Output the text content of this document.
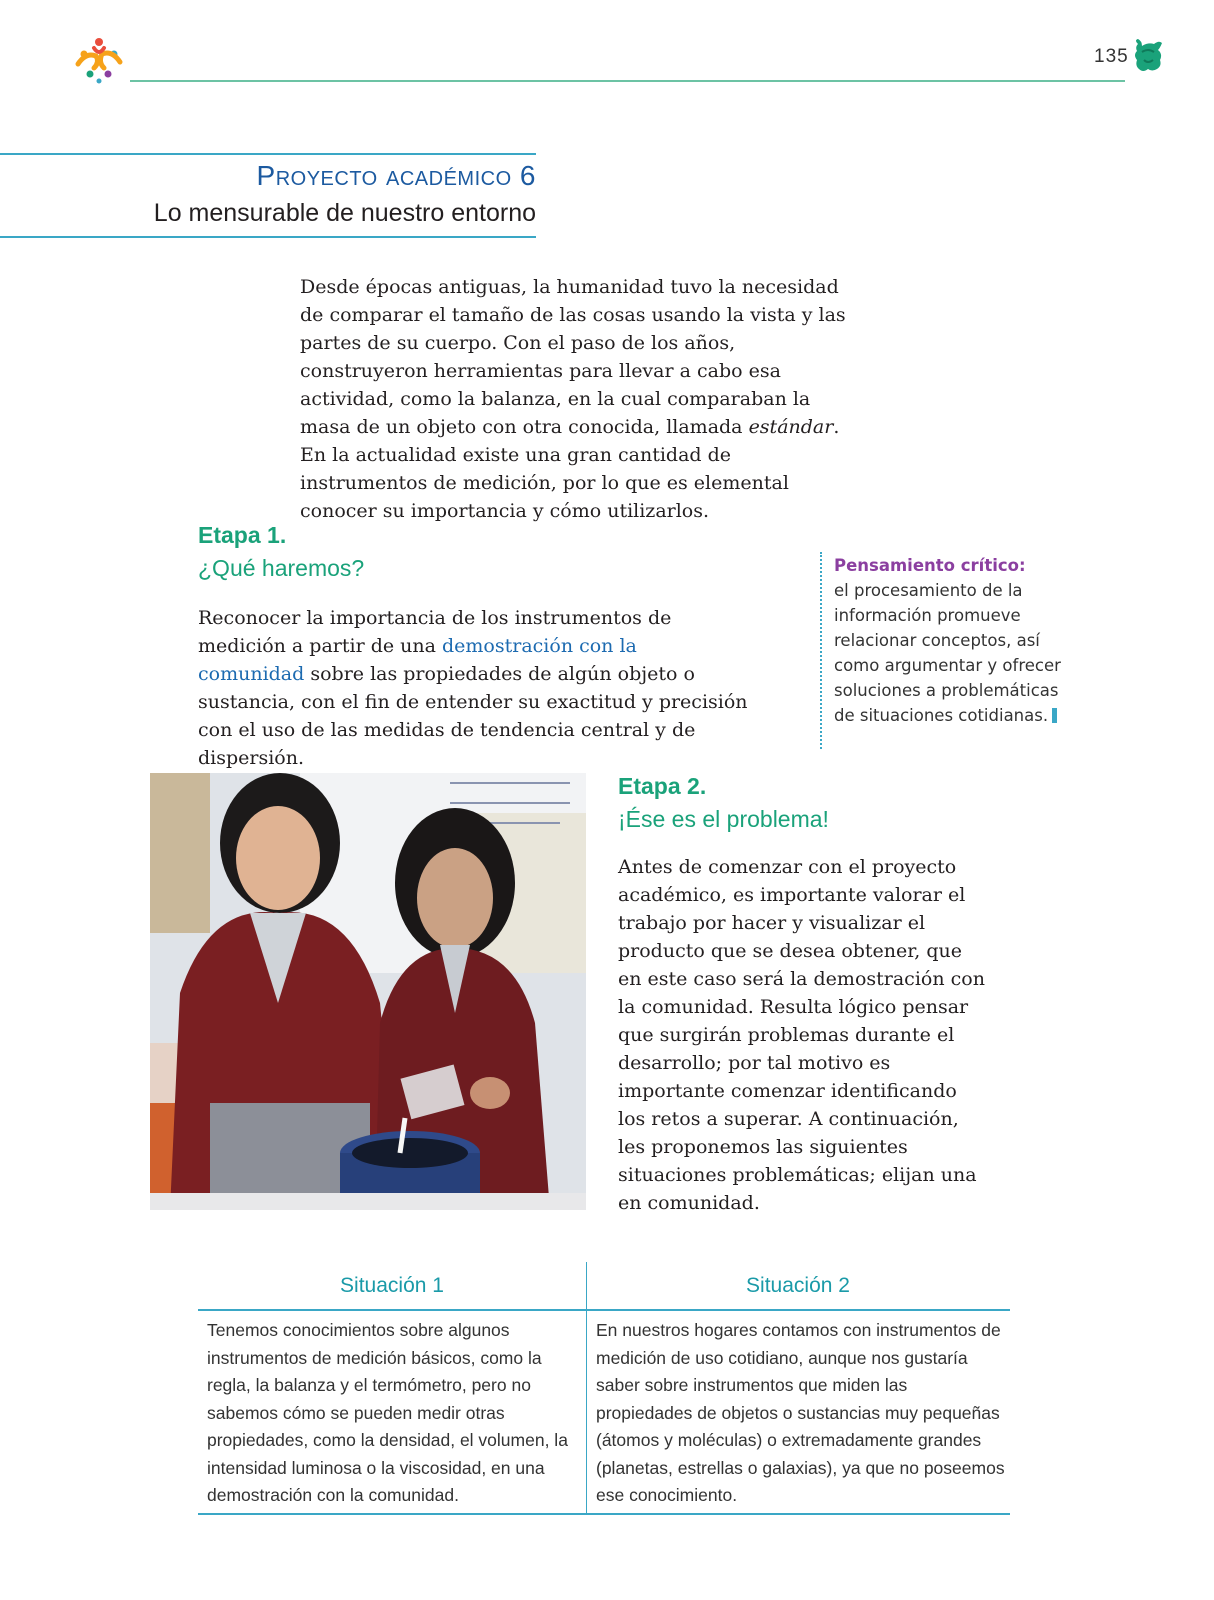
135
Proyecto académico 6
Lo mensurable de nuestro entorno

Desde épocas antiguas, la humanidad tuvo la necesidad de comparar el tamaño de las cosas usando la vista y las partes de su cuerpo. Con el paso de los años, construyeron herramientas para llevar a cabo esa actividad, como la balanza, en la cual comparaban la masa de un objeto con otra conocida, llamada estándar. En la actualidad existe una gran cantidad de instrumentos de medición, por lo que es elemental conocer su importancia y cómo utilizarlos.

Etapa 1.
¿Qué haremos?

Reconocer la importancia de los instrumentos de medición a partir de una demostración con la comunidad sobre las propiedades de algún objeto o sustancia, con el fin de entender su exactitud y precisión con el uso de las medidas de tendencia central y de dispersión.

Pensamiento crítico:
el procesamiento de la información promueve relacionar conceptos, así como argumentar y ofrecer soluciones a problemáticas de situaciones cotidianas.
Etapa 2.
¡Ése es el problema!

Antes de comenzar con el proyecto académico, es importante valorar el trabajo por hacer y visualizar el producto que se desea obtener, que en este caso será la demostración con la comunidad. Resulta lógico pensar que surgirán problemas durante el desarrollo; por tal motivo es importante comenzar identificando los retos a superar. A continuación, les proponemos las siguientes situaciones problemáticas; elijan una en comunidad.

Situación 1	Situación 2
Tenemos conocimientos sobre algunos instrumentos de medición básicos, como la regla, la balanza y el termómetro, pero no sabemos cómo se pueden medir otras propiedades, como la densidad, el volumen, la intensidad luminosa o la viscosidad, en una demostración con la comunidad.
En nuestros hogares contamos con instrumentos de medición de uso cotidiano, aunque nos gustaría saber sobre instrumentos que miden las propiedades de objetos o sustancias muy pequeñas (átomos y moléculas) o extremadamente grandes (planetas, estrellas o galaxias), ya que no poseemos ese conocimiento.
